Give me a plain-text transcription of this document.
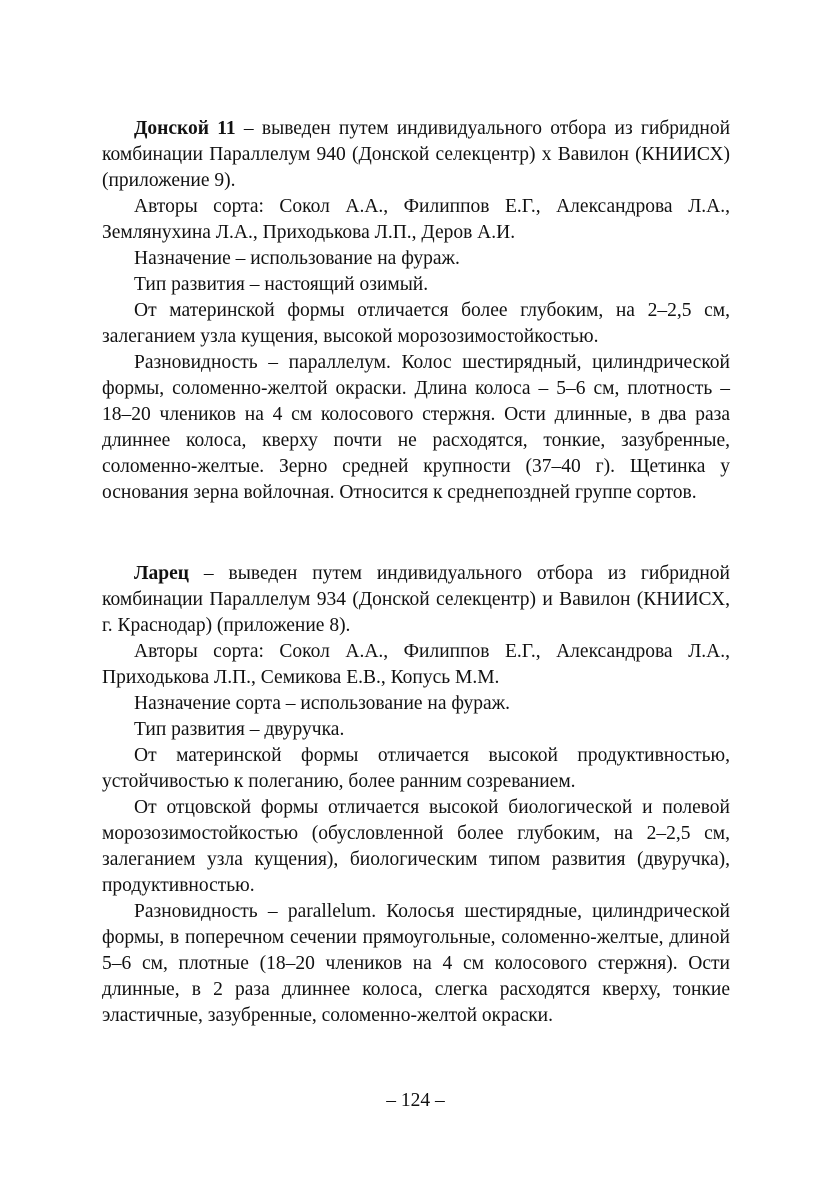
Донской 11 – выведен путем индивидуального отбора из гибридной комбинации Параллелум 940 (Донской селекцентр) х Вавилон (КНИИСХ) (приложение 9).

Авторы сорта: Сокол А.А., Филиппов Е.Г., Александрова Л.А., Землянухина Л.А., Приходькова Л.П., Деров А.И.

Назначение – использование на фураж.

Тип развития – настоящий озимый.

От материнской формы отличается более глубоким, на 2–2,5 см, залеганием узла кущения, высокой морозозимостойкостью.

Разновидность – параллелум. Колос шестирядный, цилиндрической формы, соломенно-желтой окраски. Длина колоса – 5–6 см, плотность – 18–20 члеников на 4 см колосового стержня. Ости длинные, в два раза длиннее колоса, кверху почти не расходятся, тонкие, зазубренные, соломенно-желтые. Зерно средней крупности (37–40 г). Щетинка у основания зерна войлочная. Относится к среднепоздней группе сортов.

Ларец – выведен путем индивидуального отбора из гибридной комбинации Параллелум 934 (Донской селекцентр) и Вавилон (КНИИСХ, г. Краснодар) (приложение 8).

Авторы сорта: Сокол А.А., Филиппов Е.Г., Александрова Л.А., Приходькова Л.П., Семикова Е.В., Копусь М.М.

Назначение сорта – использование на фураж.

Тип развития – двуручка.

От материнской формы отличается высокой продуктивностью, устойчивостью к полеганию, более ранним созреванием.

От отцовской формы отличается высокой биологической и полевой морозозимостойкостью (обусловленной более глубоким, на 2–2,5 см, залеганием узла кущения), биологическим типом развития (двуручка), продуктивностью.

Разновидность – parallelum. Колосья шестирядные, цилиндрической формы, в поперечном сечении прямоугольные, соломенно-желтые, длиной 5–6 см, плотные (18–20 члеников на 4 см колосового стержня). Ости длинные, в 2 раза длиннее колоса, слегка расходятся кверху, тонкие эластичные, зазубренные, соломенно-желтой окраски.

– 124 –
